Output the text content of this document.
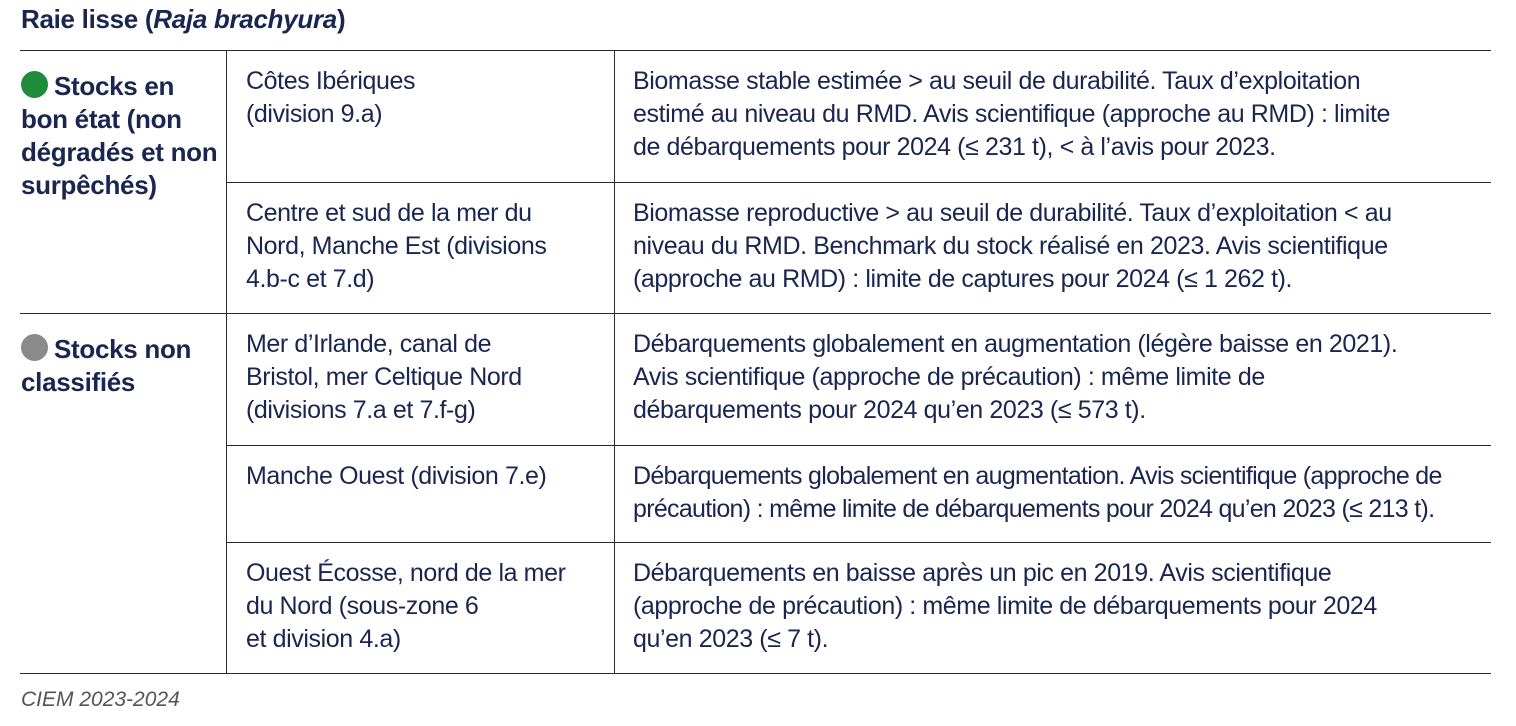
Raie lisse (Raja brachyura)
Stocks en bon état (non dégradés et non surpêchés)
Stocks non classifiés
Côtes Ibériques
(division 9.a)
Biomasse stable estimée > au seuil de durabilité. Taux d’exploitation
estimé au niveau du RMD. Avis scientifique (approche au RMD) : limite
de débarquements pour 2024 (≤ 231 t), < à l’avis pour 2023.
Centre et sud de la mer du
Nord, Manche Est (divisions
4.b-c et 7.d)
Biomasse reproductive > au seuil de durabilité. Taux d’exploitation < au
niveau du RMD. Benchmark du stock réalisé en 2023. Avis scientifique
(approche au RMD) : limite de captures pour 2024 (≤ 1 262 t).
Mer d’Irlande, canal de
Bristol, mer Celtique Nord
(divisions 7.a et 7.f-g)
Débarquements globalement en augmentation (légère baisse en 2021).
Avis scientifique (approche de précaution) : même limite de
débarquements pour 2024 qu’en 2023 (≤ 573 t).
Manche Ouest (division 7.e)	Débarquements globalement en augmentation. Avis scientifique (approche de
précaution) : même limite de débarquements pour 2024 qu’en 2023 (≤ 213 t).
Ouest Écosse, nord de la mer
du Nord (sous-zone 6
et division 4.a)
Débarquements en baisse après un pic en 2019. Avis scientifique
(approche de précaution) : même limite de débarquements pour 2024
qu’en 2023 (≤ 7 t).
CIEM 2023-2024
